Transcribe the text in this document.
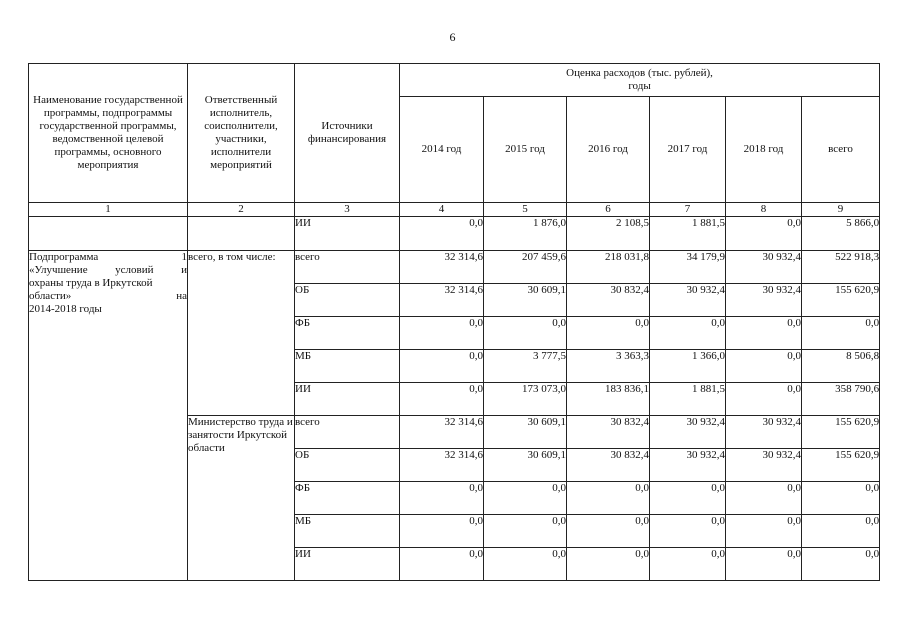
6
Наименование государственной программы, подпрограммы государственной программы, ведомственной целевой программы, основного мероприятия	Ответственный исполнитель, соисполнители, участники, исполнители мероприятий	Источники финансирования	Оценка расходов (тыс. рублей), годы					

			2014 год	2015 год	2016 год	2017 год	2018 год	всего
1	2	3	4	5	6	7	8	9
		ИИ	0,0	1 876,0	2 108,5	1 881,5	0,0	5 866,0

Подпрограмма 1
«Улучшение условий и
охраны труда в Иркутской
области» на
2014-2018 годы	всего, в том числе:	всего	32 314,6	207 459,6	218 031,8	34 179,9	30 932,4	522 918,3
		ОБ	32 314,6	30 609,1	30 832,4	30 932,4	30 932,4	155 620,9
		ФБ	0,0	0,0	0,0	0,0	0,0	0,0
		МБ	0,0	3 777,5	3 363,3	1 366,0	0,0	8 506,8
		ИИ	0,0	173 073,0	183 836,1	1 881,5	0,0	358 790,6
	Министерство труда и занятости Иркутской области	всего	32 314,6	30 609,1	30 832,4	30 932,4	30 932,4	155 620,9
		ОБ	32 314,6	30 609,1	30 832,4	30 932,4	30 932,4	155 620,9
		ФБ	0,0	0,0	0,0	0,0	0,0	0,0
		МБ	0,0	0,0	0,0	0,0	0,0	0,0
		ИИ	0,0	0,0	0,0	0,0	0,0	0,0
